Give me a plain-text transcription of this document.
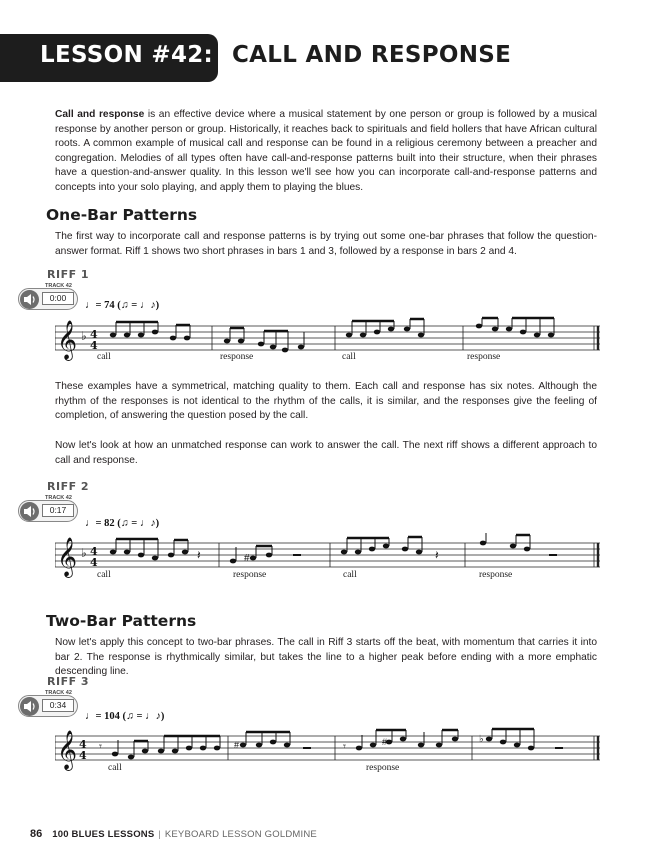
LESSON #42: CALL AND RESPONSE

Call and response is an effective device where a musical statement by one person or group is followed by a musical response by another person or group. Historically, it reaches back to spirituals and field hollers that have African cultural roots. A common example of musical call and response can be found in a religious ceremony between a preacher and congregation. Melodies of all types often have call-and-response patterns built into their structure, when their phrases have a question-and-answer quality. In this lesson we'll see how you can incorporate call-and-response patterns and concepts into your solo playing, and apply them to playing the blues.

One-Bar Patterns

The first way to incorporate call and response patterns is by trying out some one-bar phrases that follow the question-answer format. Riff 1 shows two short phrases in bars 1 and 3, followed by a response in bars 2 and 4.

RIFF 1
TRACK 42
0:00
♩= 74 (♫ = ♩♪)
𝄞 ♭ 4
4
call	response	call	response

These examples have a symmetrical, matching quality to them. Each call and response has six notes. Although the rhythm of the responses is not identical to the rhythm of the calls, it is similar, and the responses give the feeling of completion, of answering the question posed by the call.

Now let's look at how an unmatched response can work to answer the call. The next riff shows a different approach to call and response.

RIFF 2
TRACK 42
0:17
♩= 82 (♫ = ♩♪)
𝄞 ♭ 4
4
𝄽	#	𝄽
call	response	call	response
Two-Bar Patterns

Now let's apply this concept to two-bar phrases. The call in Riff 3 starts off the beat, with momentum that carries it into bar 2. The response is rhythmically similar, but takes the line to a higher peak before ending with a more emphatic descending line.

RIFF 3
TRACK 42
0:34
♩= 104 (♫ = ♩♪)
𝄞 4
4
𝄾	#	𝄾	#	♭
call	response
86 100 BLUES LESSONS | KEYBOARD LESSON GOLDMINE
